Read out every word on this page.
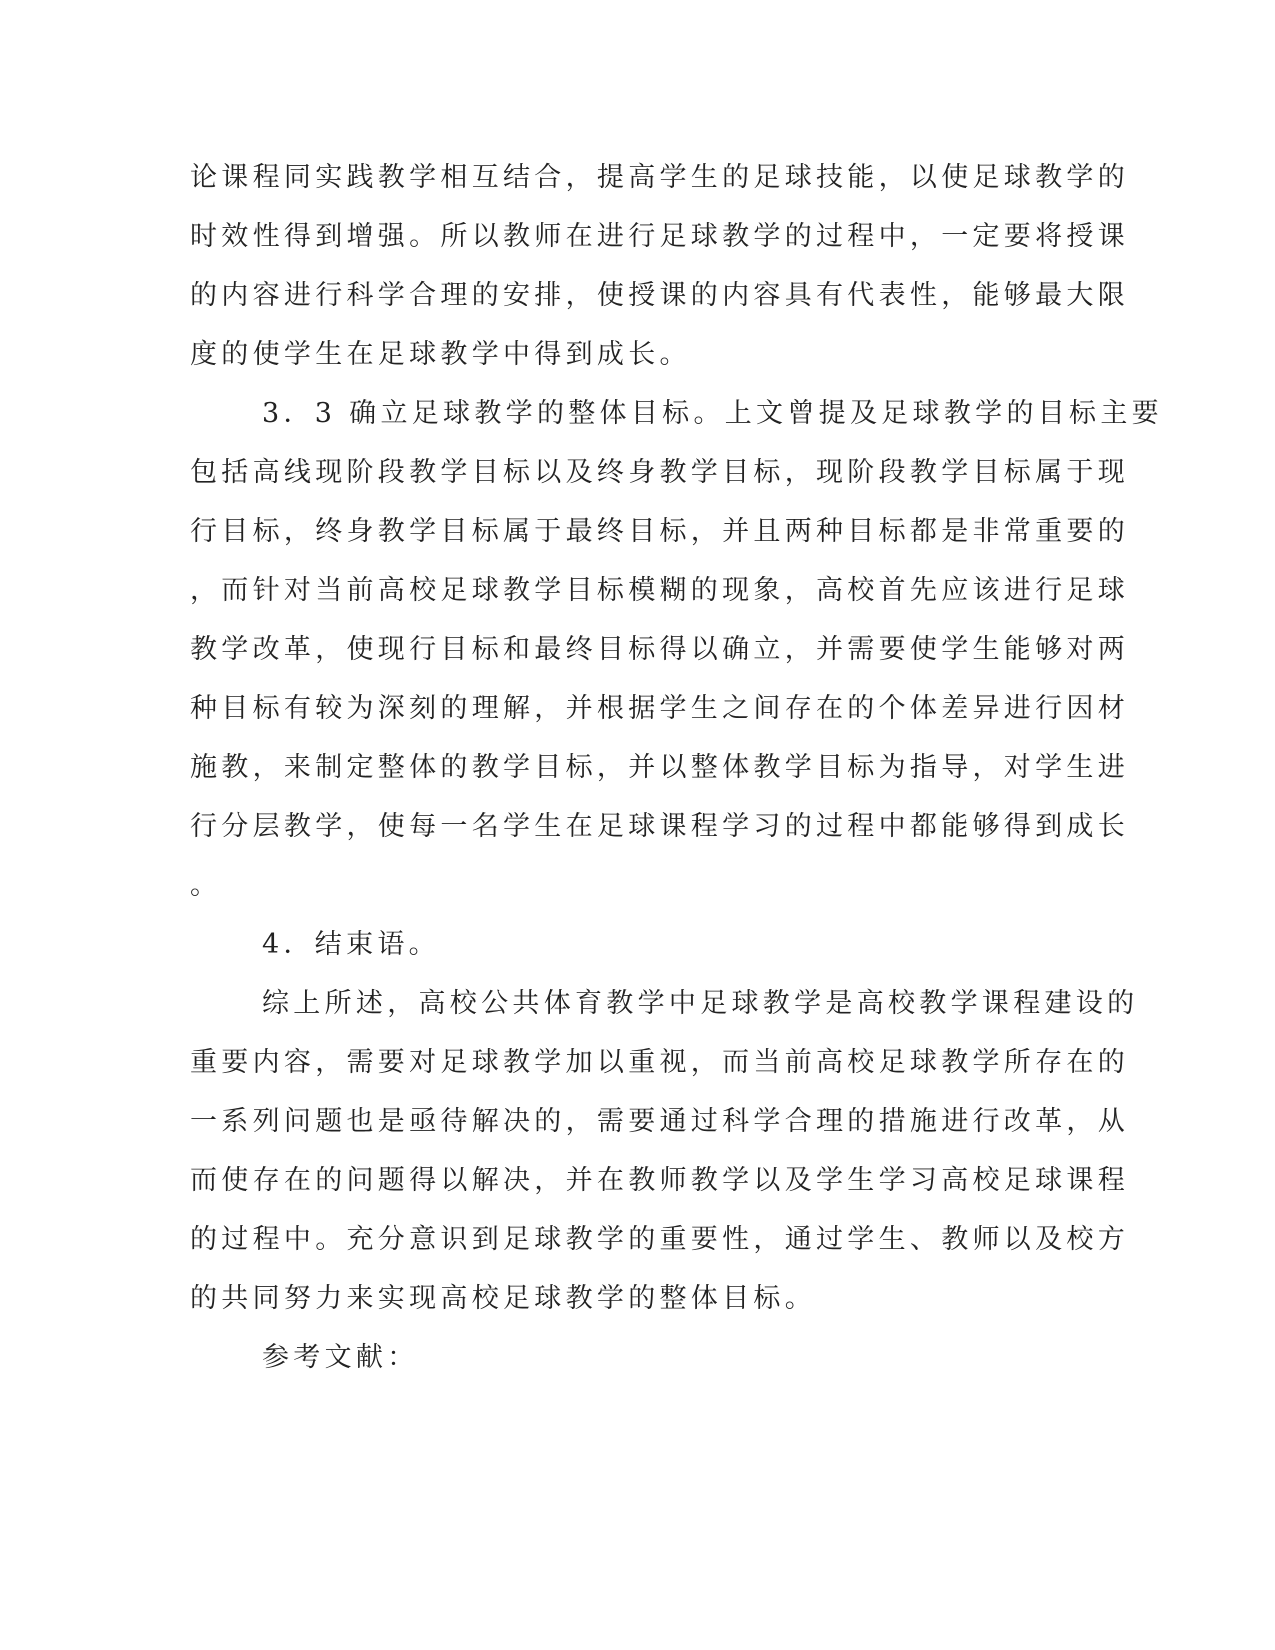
论课程同实践教学相互结合，提高学生的足球技能，以使足球教学的
时效性得到增强。所以教师在进行足球教学的过程中，一定要将授课
的内容进行科学合理的安排，使授课的内容具有代表性，能够最大限
度的使学生在足球教学中得到成长。
3．3 确立足球教学的整体目标。上文曾提及足球教学的目标主要
包括高线现阶段教学目标以及终身教学目标，现阶段教学目标属于现
行目标，终身教学目标属于最终目标，并且两种目标都是非常重要的
，而针对当前高校足球教学目标模糊的现象，高校首先应该进行足球
教学改革，使现行目标和最终目标得以确立，并需要使学生能够对两
种目标有较为深刻的理解，并根据学生之间存在的个体差异进行因材
施教，来制定整体的教学目标，并以整体教学目标为指导，对学生进
行分层教学，使每一名学生在足球课程学习的过程中都能够得到成长
。
4．结束语。
综上所述，高校公共体育教学中足球教学是高校教学课程建设的
重要内容，需要对足球教学加以重视，而当前高校足球教学所存在的
一系列问题也是亟待解决的，需要通过科学合理的措施进行改革，从
而使存在的问题得以解决，并在教师教学以及学生学习高校足球课程
的过程中。充分意识到足球教学的重要性，通过学生、教师以及校方
的共同努力来实现高校足球教学的整体目标。
参考文献：
